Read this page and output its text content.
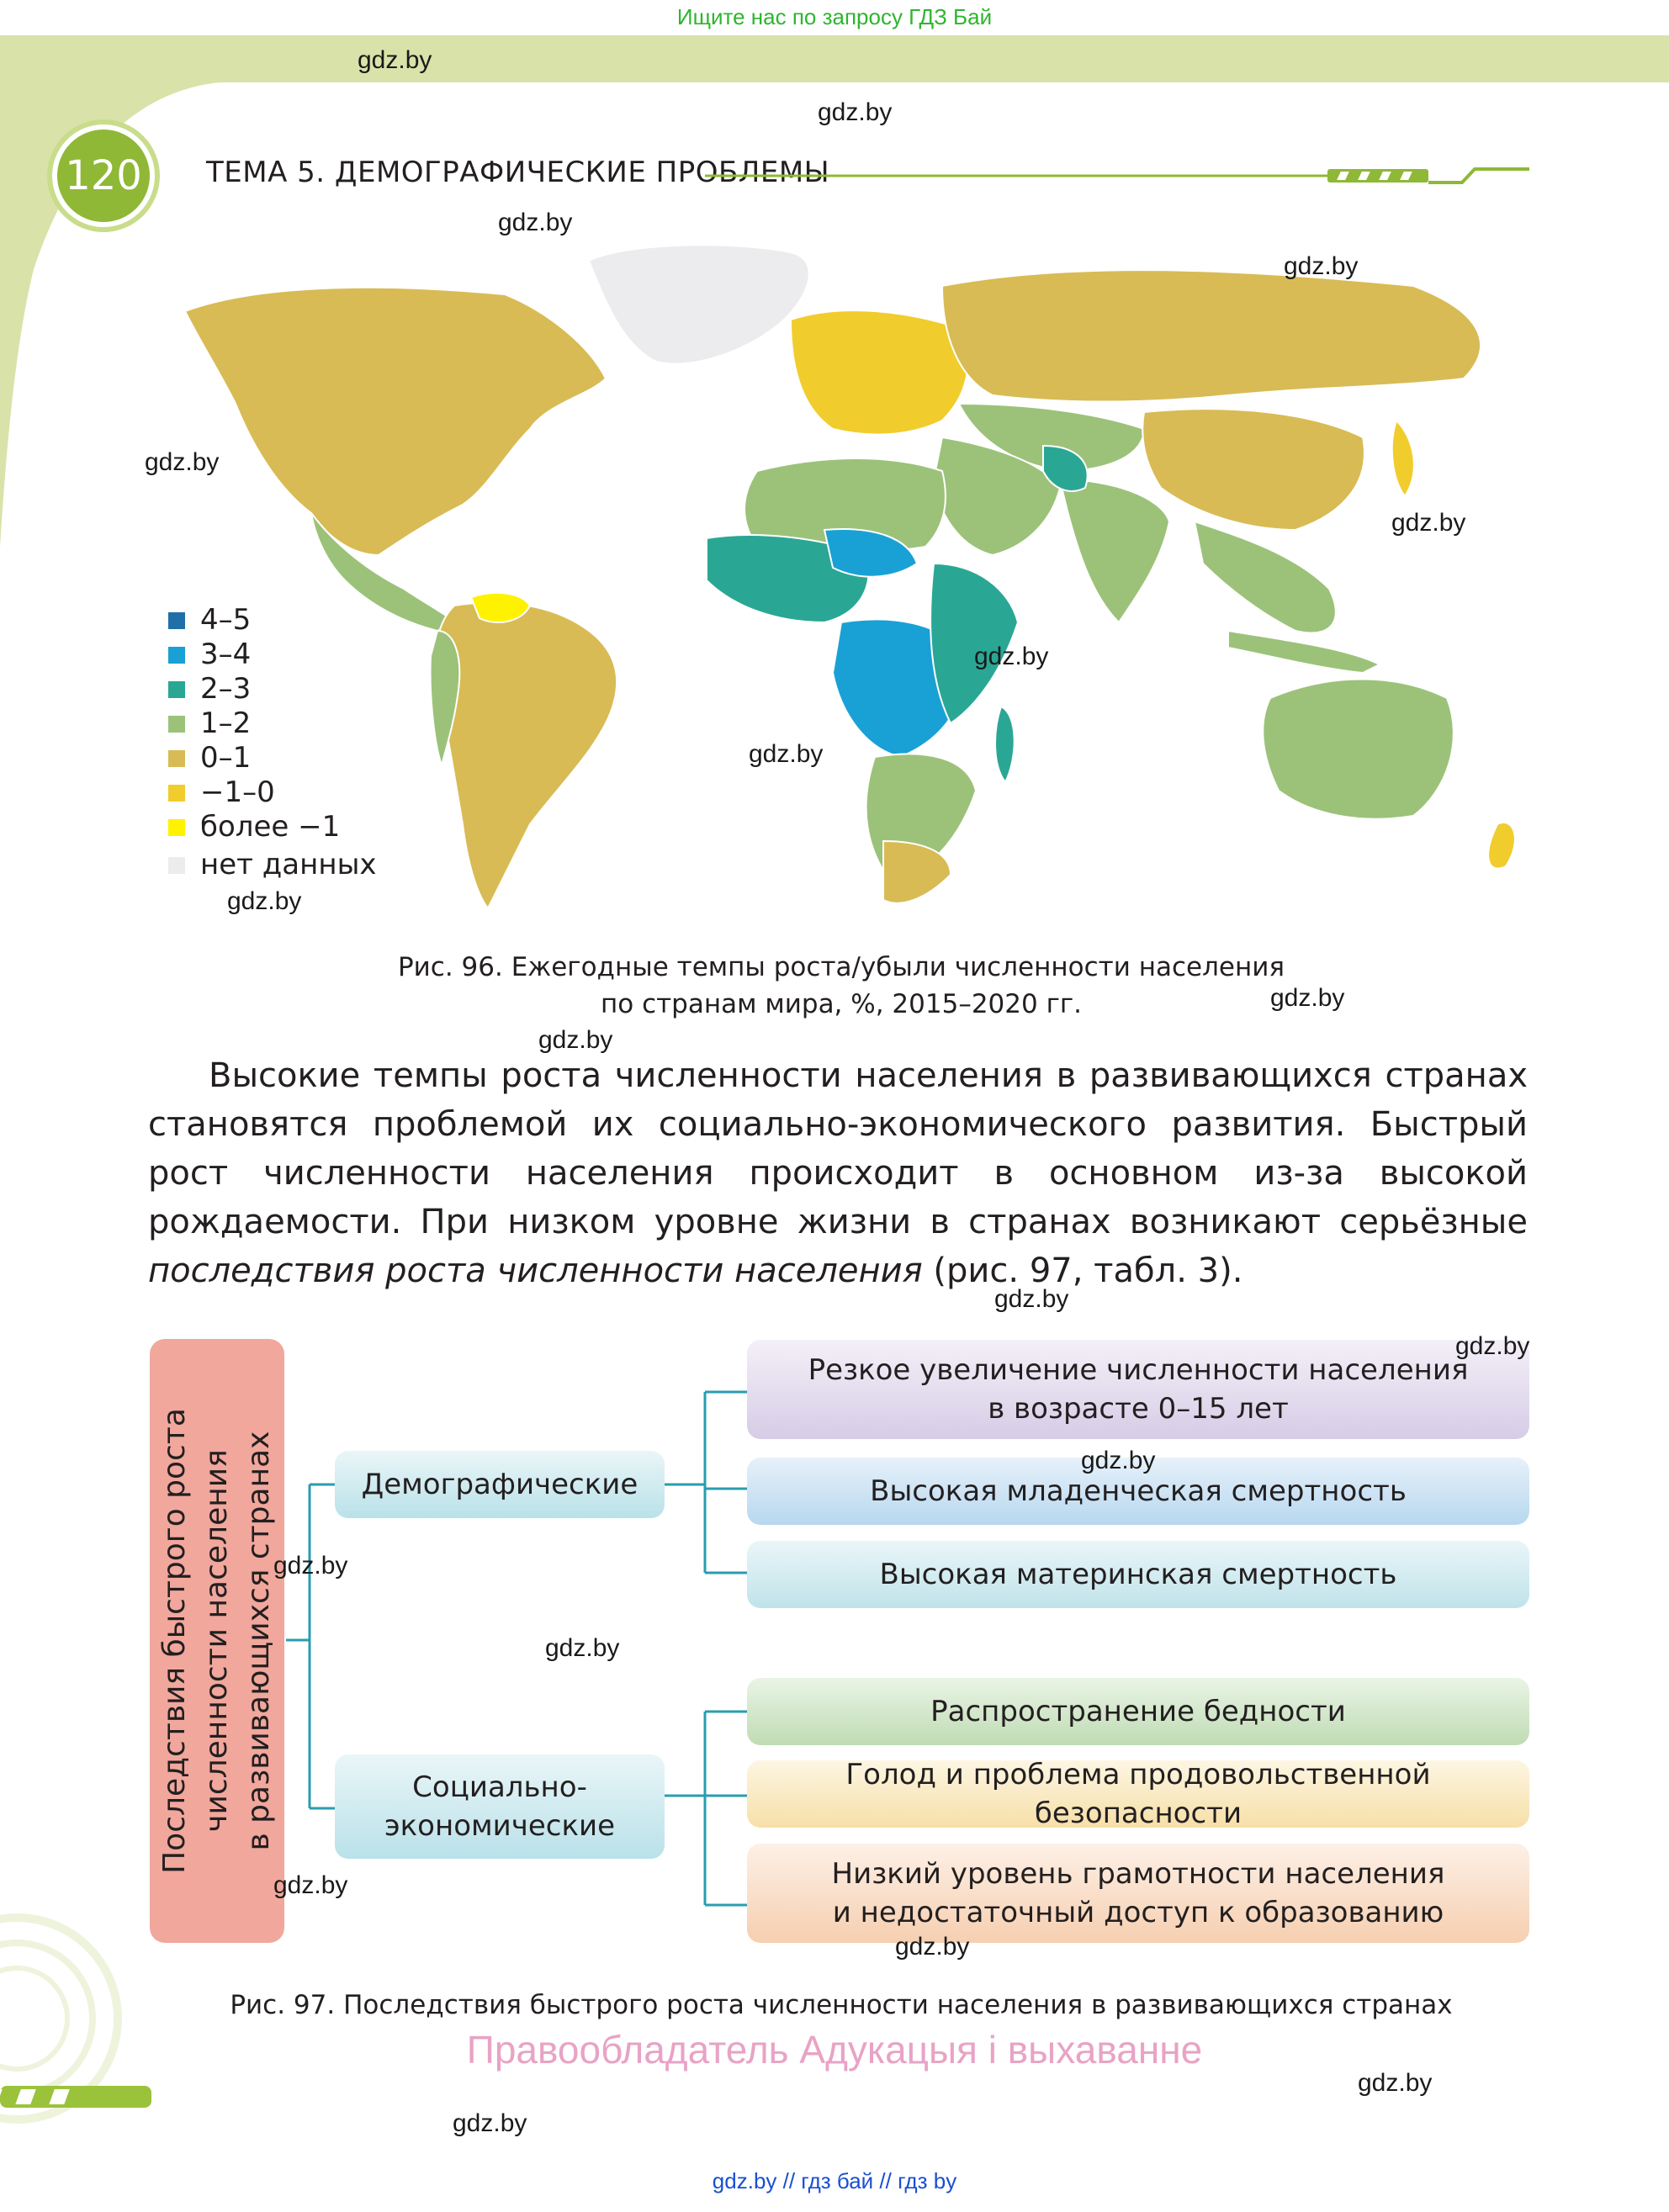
Ищите нас по запросу ГДЗ Бай
120	ТЕМА 5. ДЕМОГРАФИЧЕСКИЕ ПРОБЛЕМЫ
4–5
3–4
2–3
1–2
0–1
−1–0
более −1
нет данных
Рис. 96. Ежегодные темпы роста/убыли численности населения
по странам мира, %, 2015–2020 гг.
Высокие темпы роста численности населения в развивающихся странах становятся проблемой их социально-экономического развития. Быстрый рост численности населения происходит в основном из-за высокой рождаемости. При низком уровне жизни в странах возникают серьёзные последствия роста численности населения (рис. 97, табл. 3).
Последствия быстрого роста численности населения в развивающихся странах	Демографические
Социально-
экономические
Резкое увеличение численности населения
в возрасте 0–15 лет
Высокая младенческая смертность
Высокая материнская смертность
Распространение бедности
Голод и проблема продовольственной безопасности
Низкий уровень грамотности населения
и недостаточный доступ к образованию
Рис. 97. Последствия быстрого роста численности населения в развивающихся странах
Правообладатель Адукацыя і выхаванне
gdz.by
gdz.by
gdz.by
gdz.by
gdz.by
gdz.by
gdz.by
gdz.by
gdz.by
gdz.by
gdz.by
gdz.by
gdz.by
gdz.by
gdz.by
gdz.by
gdz.by
gdz.by
gdz.by
gdz.by
gdz.by // гдз бай // гдз by
